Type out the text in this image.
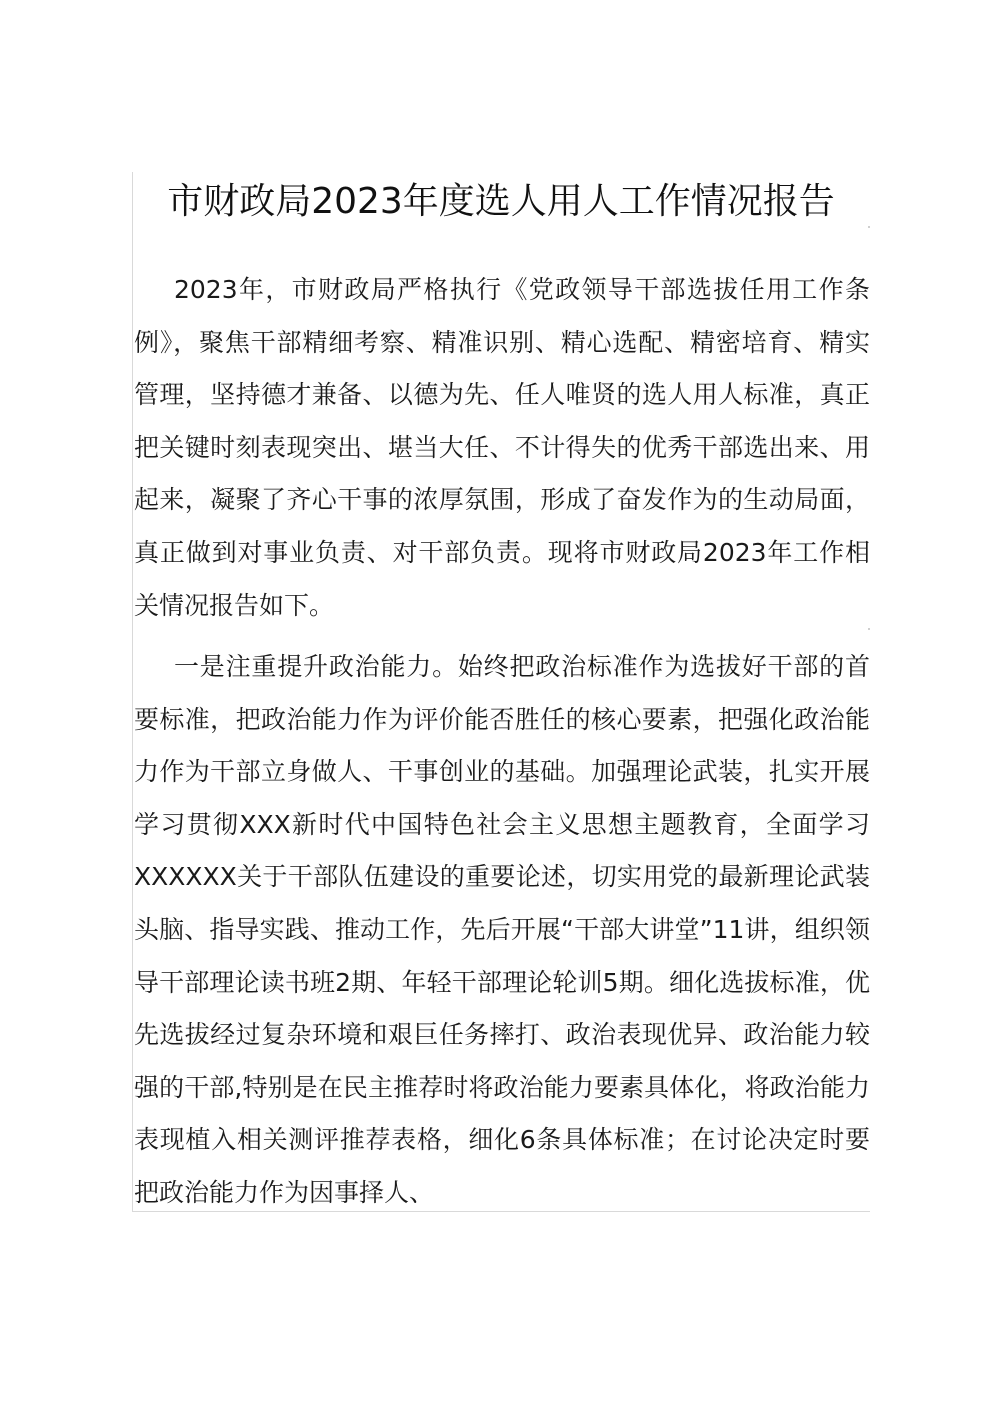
市财政局2023年度选人用人工作情况报告

2023年，市财政局严格执行《党政领导干部选拔任用工作条例》，聚焦干部精细考察、精准识别、精心选配、精密培育、精实管理，坚持德才兼备、以德为先、任人唯贤的选人用人标准，真正把关键时刻表现突出、堪当大任、不计得失的优秀干部选出来、用起来，凝聚了齐心干事的浓厚氛围，形成了奋发作为的生动局面，真正做到对事业负责、对干部负责。现将市财政局2023年工作相关情况报告如下。

一是注重提升政治能力。始终把政治标准作为选拔好干部的首要标准，把政治能力作为评价能否胜任的核心要素，把强化政治能力作为干部立身做人、干事创业的基础。加强理论武装，扎实开展学习贯彻XXX新时代中国特色社会主义思想主题教育，全面学习XXXXXX关于干部队伍建设的重要论述，切实用党的最新理论武装头脑、指导实践、推动工作，先后开展“干部大讲堂”11讲，组织领导干部理论读书班2期、年轻干部理论轮训5期。细化选拔标准，优先选拔经过复杂环境和艰巨任务摔打、政治表现优异、政治能力较强的干部,特别是在民主推荐时将政治能力要素具体化，将政治能力表现植入相关测评推荐表格，细化6条具体标准；在讨论决定时要把政治能力作为因事择人、
